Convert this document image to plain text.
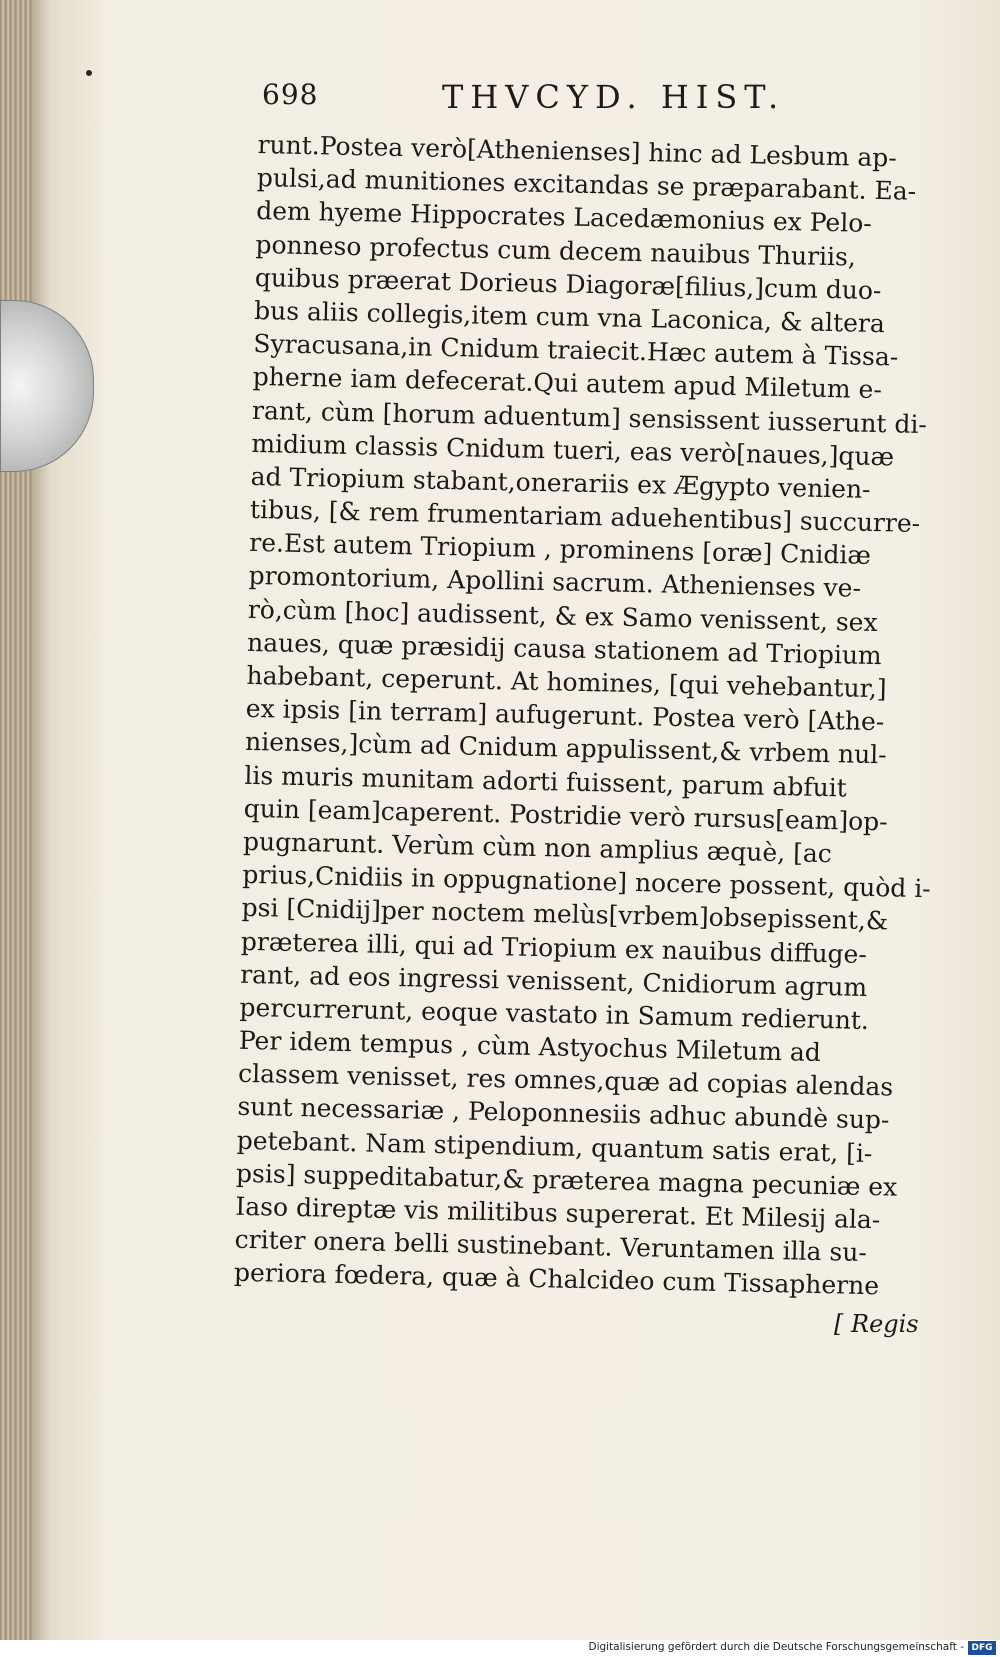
698	THVCYD. HIST.
runt.Postea verò[Athenienses] hinc ad Lesbum ap-
pulsi,ad munitiones excitandas se præparabant. Ea-
dem hyeme Hippocrates Lacedæmonius ex Pelo-
ponneso profectus cum decem nauibus Thuriis,
quibus præerat Dorieus Diagoræ[filius,]cum duo-
bus aliis collegis,item cum vna Laconica, & altera
Syracusana,in Cnidum traiecit.Hæc autem à Tissa-
pherne iam defecerat.Qui autem apud Miletum e-
rant, cùm [horum aduentum] sensissent iusserunt di-
midium classis Cnidum tueri, eas verò[naues,]quæ
ad Triopium stabant,onerariis ex Ægypto venien-
tibus, [& rem frumentariam aduehentibus] succurre-
re.Est autem Triopium , prominens [oræ] Cnidiæ
promontorium, Apollini sacrum. Athenienses ve-
rò,cùm [hoc] audissent, & ex Samo venissent, sex
naues, quæ præsidij causa stationem ad Triopium
habebant, ceperunt. At homines, [qui vehebantur,]
ex ipsis [in terram] aufugerunt. Postea verò [Athe-
nienses,]cùm ad Cnidum appulissent,& vrbem nul-
lis muris munitam adorti fuissent, parum abfuit
quin [eam]caperent. Postridie verò rursus[eam]op-
pugnarunt. Verùm cùm non amplius æquè, [ac
prius,Cnidiis in oppugnatione] nocere possent, quòd i-
psi [Cnidij]per noctem melùs[vrbem]obsepissent,&
præterea illi, qui ad Triopium ex nauibus diffuge-
rant, ad eos ingressi venissent, Cnidiorum agrum
percurrerunt, eoque vastato in Samum redierunt.
Per idem tempus , cùm Astyochus Miletum ad
classem venisset, res omnes,quæ ad copias alendas
sunt necessariæ , Peloponnesiis adhuc abundè sup-
petebant. Nam stipendium, quantum satis erat, [i-
psis] suppeditabatur,& præterea magna pecuniæ ex
Iaso direptæ vis militibus supererat. Et Milesij ala-
criter onera belli sustinebant. Veruntamen illa su-
periora fœdera, quæ à Chalcideo cum Tissapherne
[ Regis
Digitalisierung gefördert durch die Deutsche Forschungsgemeinschaft - DFG
